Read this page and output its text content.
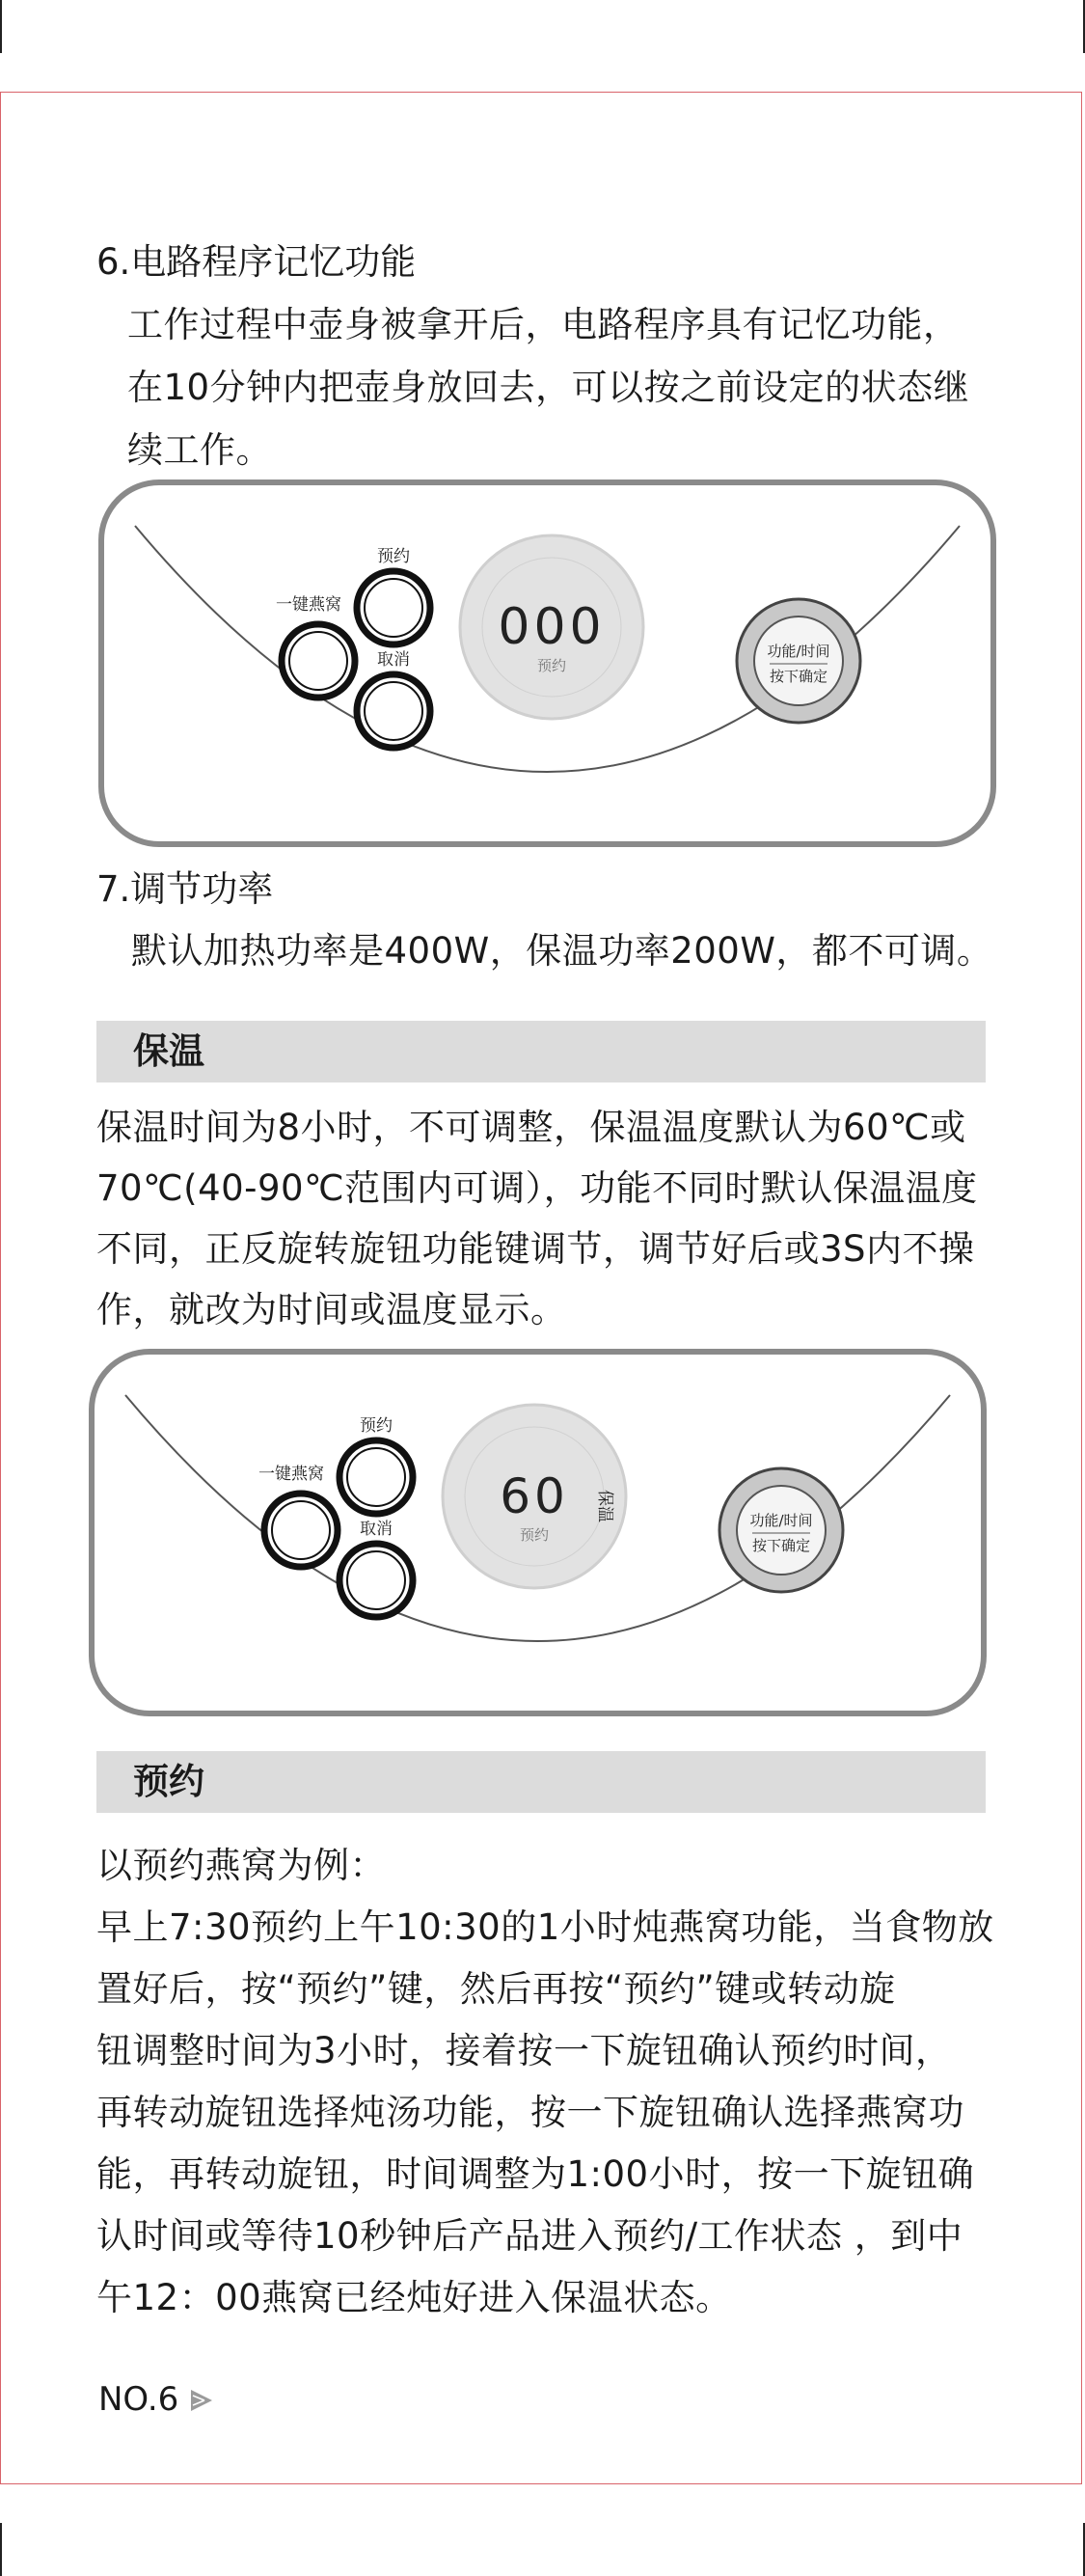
6.电路程序记忆功能
工作过程中壶身被拿开后，电路程序具有记忆功能，
在10分钟内把壶身放回去，可以按之前设定的状态继
续工作。
预约
一键燕窝
取消
000
预约
功能/时间
按下确定
7.调节功率
默认加热功率是400W，保温功率200W，都不可调。
保温
保温时间为8小时，不可调整，保温温度默认为60℃或
70℃(40-90℃范围内可调），功能不同时默认保温温度
不同，正反旋转旋钮功能键调节，调节好后或3S内不操
作，就改为时间或温度显示。
预约
一键燕窝
取消
60
预约
保温	功能/时间
按下确定
预约
以预约燕窝为例：
早上7:30预约上午10:30的1小时炖燕窝功能，当食物放
置好后，按“预约”键，然后再按“预约”键或转动旋
钮调整时间为3小时，接着按一下旋钮确认预约时间，
再转动旋钮选择炖汤功能，按一下旋钮确认选择燕窝功
能，再转动旋钮，时间调整为1:00小时，按一下旋钮确
认时间或等待10秒钟后产品进入预约/工作状态 ，到中
午12：00燕窝已经炖好进入保温状态。
NO.6
